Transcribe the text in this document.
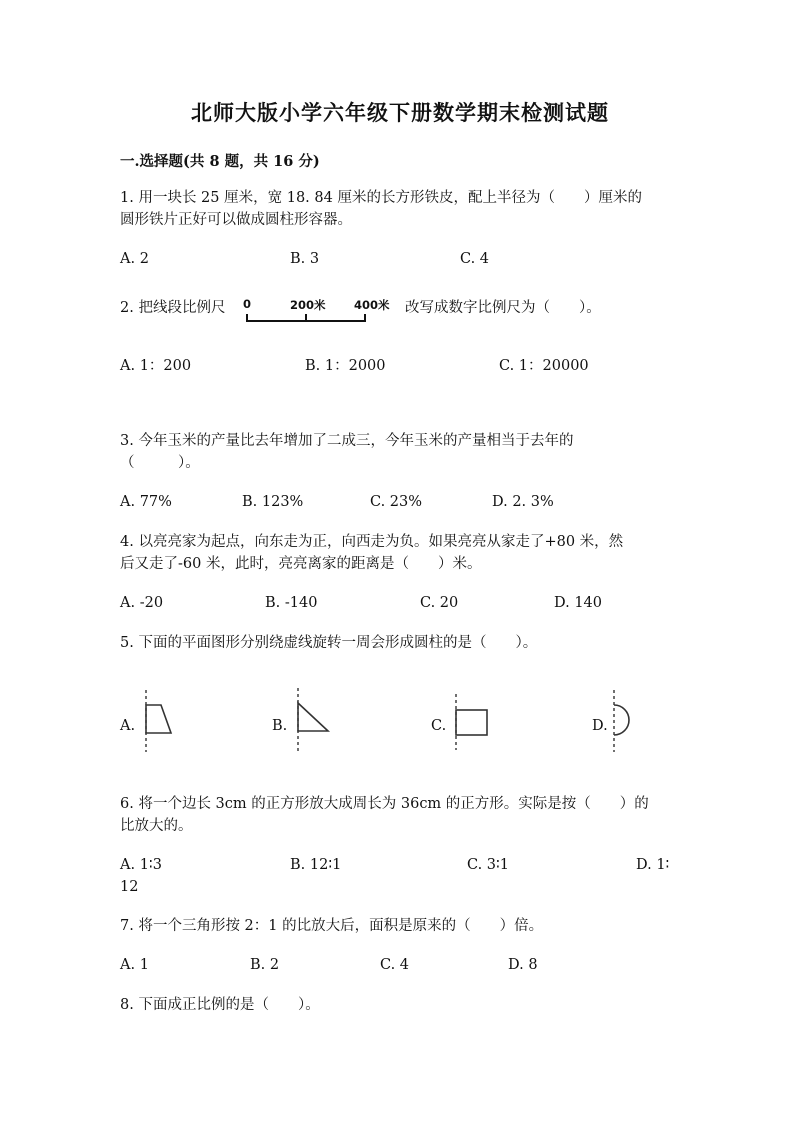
北师大版小学六年级下册数学期末检测试题
一.选择题(共 8 题，共 16 分)
1. 用一块长 25 厘米，宽 18. 84 厘米的长方形铁皮，配上半径为（　　）厘米的
圆形铁片正好可以做成圆柱形容器。
A. 2	B. 3	C. 4
2. 把线段比例尺 0	200米 400米 改写成数字比例尺为（　　）。
A. 1：200	B. 1：2000	C. 1：20000
3. 今年玉米的产量比去年增加了二成三，今年玉米的产量相当于去年的
（　　　）。
A. 77%	B. 123%	C. 23%	D. 2. 3%
4. 以亮亮家为起点，向东走为正，向西走为负。如果亮亮从家走了+80 米，然
后又走了-60 米，此时，亮亮离家的距离是（　　）米。
A. -20	B. -140	C. 20	D. 140
5. 下面的平面图形分别绕虚线旋转一周会形成圆柱的是（　　）。
A.	B.	C.	D.
6. 将一个边长 3cm 的正方形放大成周长为 36cm 的正方形。实际是按（　　）的
比放大的。
A. 1∶3	B. 12∶1	C. 3∶1	D. 1∶
12
7. 将一个三角形按 2：1 的比放大后，面积是原来的（　　）倍。
A. 1	B. 2	C. 4	D. 8
8. 下面成正比例的是（　　）。
